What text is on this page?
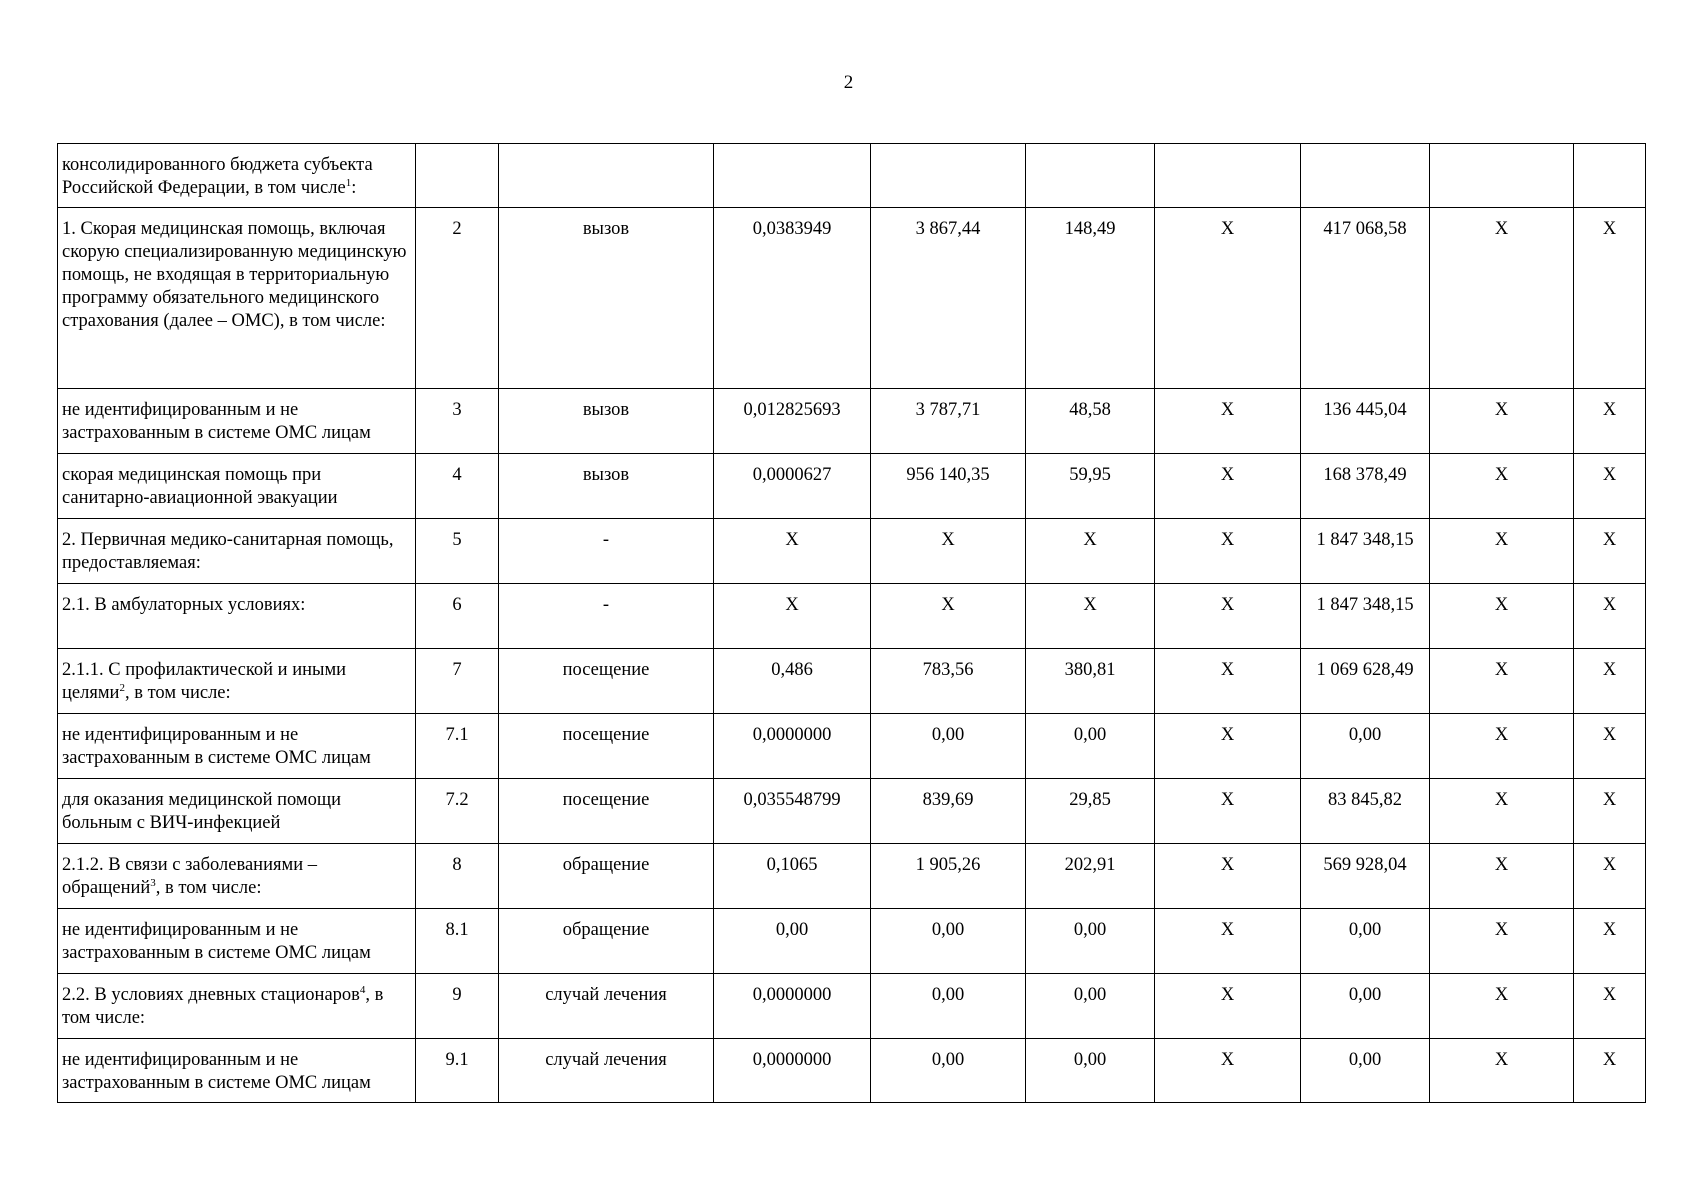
2
консолидированного бюджета субъекта Российской Федерации, в том числе$^1$:									
1. Скорая медицинская помощь, включая скорую специализированную медицинскую помощь, не входящая в территориальную программу обязательного медицинского страхования (далее – ОМС), в том числе:	2	вызов	0,0383949	3 867,44	148,49	Х	417 068,58	Х	Х
не идентифицированным и не застрахованным в системе ОМС лицам	3	вызов	0,012825693	3 787,71	48,58	Х	136 445,04	Х	Х
скорая медицинская помощь при санитарно-авиационной эвакуации	4	вызов	0,0000627	956 140,35	59,95	Х	168 378,49	Х	Х
2. Первичная медико-санитарная помощь, предоставляемая:	5	-	Х	Х	Х	Х	1 847 348,15	Х	Х
2.1. В амбулаторных условиях:	6	-	Х	Х	Х	Х	1 847 348,15	Х	Х
2.1.1. С профилактической и иными целями$^2$, в том числе:	7	посещение	0,486	783,56	380,81	Х	1 069 628,49	Х	Х
не идентифицированным и не застрахованным в системе ОМС лицам	7.1	посещение	0,0000000	0,00	0,00	Х	0,00	Х	Х
для оказания медицинской помощи больным с ВИЧ-инфекцией	7.2	посещение	0,035548799	839,69	29,85	Х	83 845,82	Х	Х
2.1.2. В связи с заболеваниями – обращений$^3$, в том числе:	8	обращение	0,1065	1 905,26	202,91	Х	569 928,04	Х	Х
не идентифицированным и не застрахованным в системе ОМС лицам	8.1	обращение	0,00	0,00	0,00	Х	0,00	Х	Х
2.2. В условиях дневных стационаров$^4$, в том числе:	9	случай лечения	0,0000000	0,00	0,00	Х	0,00	Х	Х
не идентифицированным и не застрахованным в системе ОМС лицам	9.1	случай лечения	0,0000000	0,00	0,00	Х	0,00	Х	Х
